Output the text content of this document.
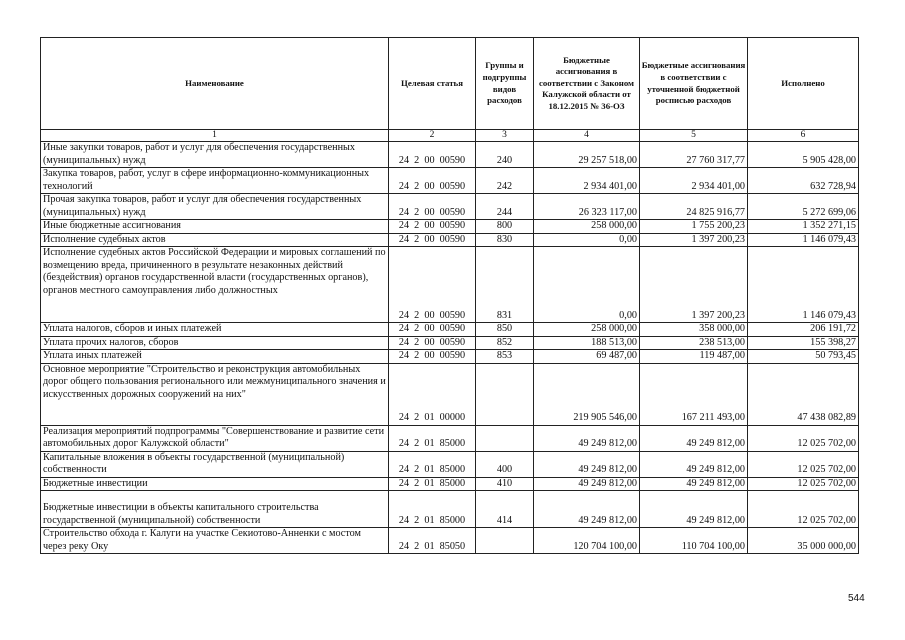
Наименование	Целевая статья	Группы и подгруппы видов расходов	Бюджетные ассигнования в соответствии с Законом Калужской области от 18.12.2015 № 36-ОЗ	Бюджетные ассигнования в соответствии с уточненной бюджетной росписью расходов	Исполнено
1	2	3	4	5	6
Иные закупки товаров, работ и услуг для обеспечения государственных (муниципальных) нужд	24  2  00  00590	240	29 257 518,00	27 760 317,77	5 905 428,00
Закупка товаров, работ, услуг в сфере информационно-коммуникационных технологий	24  2  00  00590	242	2 934 401,00	2 934 401,00	632 728,94
Прочая закупка товаров, работ и услуг для обеспечения государственных (муниципальных) нужд	24  2  00  00590	244	26 323 117,00	24 825 916,77	5 272 699,06
Иные бюджетные ассигнования	24  2  00  00590	800	258 000,00	1 755 200,23	1 352 271,15
Исполнение судебных актов	24  2  00  00590	830	0,00	1 397 200,23	1 146 079,43
Исполнение судебных актов Российской Федерации и мировых соглашений по возмещению вреда, причиненного в результате незаконных действий (бездействия) органов государственной власти (государственных органов), органов местного самоуправления либо должностных	24  2  00  00590	831	0,00	1 397 200,23	1 146 079,43
Уплата налогов, сборов и иных платежей	24  2  00  00590	850	258 000,00	358 000,00	206 191,72
Уплата прочих налогов, сборов	24  2  00  00590	852	188 513,00	238 513,00	155 398,27
Уплата иных платежей	24  2  00  00590	853	69 487,00	119 487,00	50 793,45
Основное мероприятие "Строительство и реконструкция автомобильных дорог общего пользования регионального или межмуниципального значения и искусственных дорожных сооружений на них"	24  2  01  00000		219 905 546,00	167 211 493,00	47 438 082,89
Реализация мероприятий подпрограммы "Совершенствование и развитие сети автомобильных дорог Калужской области"	24  2  01  85000		49 249 812,00	49 249 812,00	12 025 702,00
Капитальные вложения в объекты государственной (муниципальной) собственности	24  2  01  85000	400	49 249 812,00	49 249 812,00	12 025 702,00
Бюджетные инвестиции	24  2  01  85000	410	49 249 812,00	49 249 812,00	12 025 702,00
Бюджетные инвестиции в объекты капитального строительства государственной (муниципальной) собственности	24  2  01  85000	414	49 249 812,00	49 249 812,00	12 025 702,00
Строительство обхода г. Калуги на участке Секиотово-Анненки с мостом через реку Оку	24  2  01  85050		120 704 100,00	110 704 100,00	35 000 000,00
544
